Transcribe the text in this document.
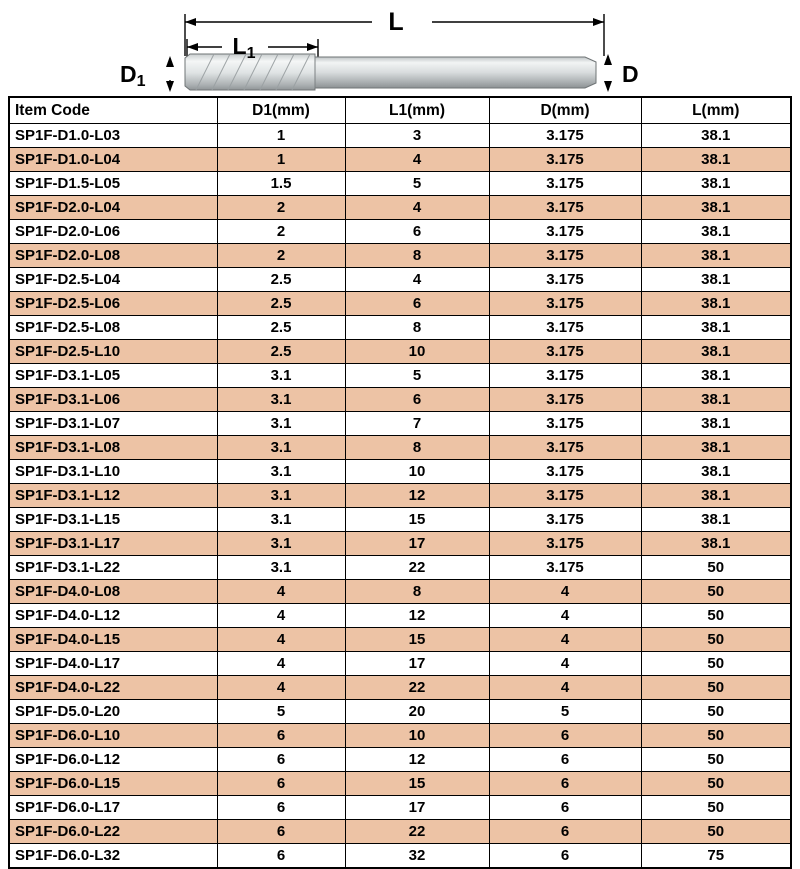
L
L1
D1	D
Item Code	D1(mm)	L1(mm)	D(mm)	L(mm)
SP1F-D1.0-L03	1	3	3.175	38.1
SP1F-D1.0-L04	1	4	3.175	38.1
SP1F-D1.5-L05	1.5	5	3.175	38.1
SP1F-D2.0-L04	2	4	3.175	38.1
SP1F-D2.0-L06	2	6	3.175	38.1
SP1F-D2.0-L08	2	8	3.175	38.1
SP1F-D2.5-L04	2.5	4	3.175	38.1
SP1F-D2.5-L06	2.5	6	3.175	38.1
SP1F-D2.5-L08	2.5	8	3.175	38.1
SP1F-D2.5-L10	2.5	10	3.175	38.1
SP1F-D3.1-L05	3.1	5	3.175	38.1
SP1F-D3.1-L06	3.1	6	3.175	38.1
SP1F-D3.1-L07	3.1	7	3.175	38.1
SP1F-D3.1-L08	3.1	8	3.175	38.1
SP1F-D3.1-L10	3.1	10	3.175	38.1
SP1F-D3.1-L12	3.1	12	3.175	38.1
SP1F-D3.1-L15	3.1	15	3.175	38.1
SP1F-D3.1-L17	3.1	17	3.175	38.1
SP1F-D3.1-L22	3.1	22	3.175	50
SP1F-D4.0-L08	4	8	4	50
SP1F-D4.0-L12	4	12	4	50
SP1F-D4.0-L15	4	15	4	50
SP1F-D4.0-L17	4	17	4	50
SP1F-D4.0-L22	4	22	4	50
SP1F-D5.0-L20	5	20	5	50
SP1F-D6.0-L10	6	10	6	50
SP1F-D6.0-L12	6	12	6	50
SP1F-D6.0-L15	6	15	6	50
SP1F-D6.0-L17	6	17	6	50
SP1F-D6.0-L22	6	22	6	50
SP1F-D6.0-L32	6	32	6	75
